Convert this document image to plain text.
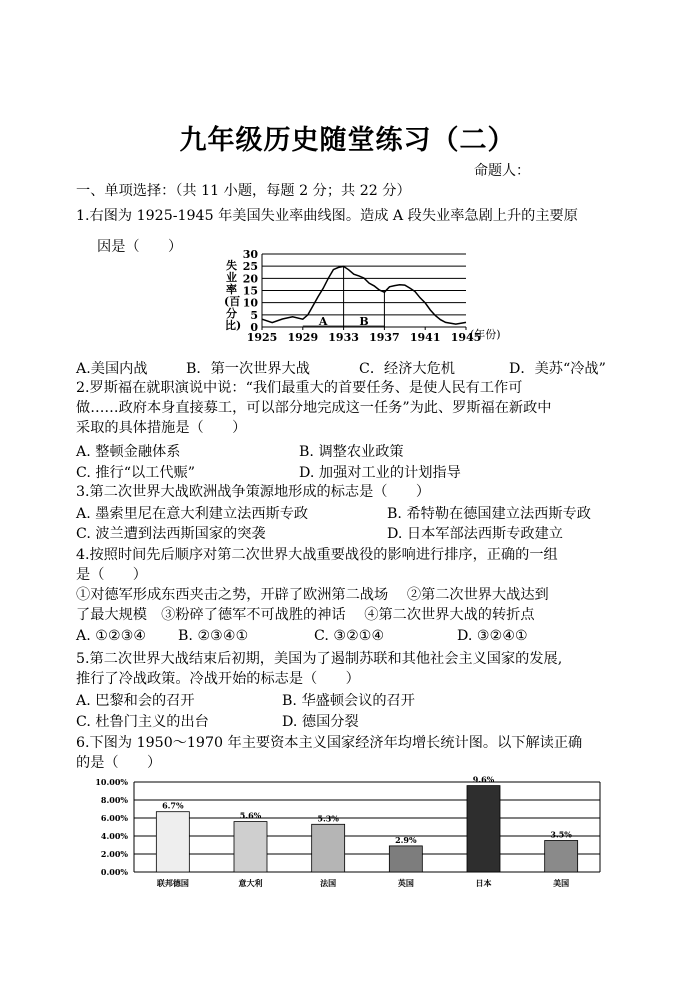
九年级历史随堂练习（二）
命题人：
一、单项选择：（共 11 小题，每题 2 分；共 22 分）
1.右图为 1925-1945 年美国失业率曲线图。造成 A 段失业率急剧上升的主要原
因是（　　）
失
业
率
(百
分
比) 0
5
10
15
20
25
30
1925 1929 1933 1937 1941 1945
A	B
(年份)
A.美国内战	B．第一次世界大战	C．经济大危机	D．美苏“冷战”
2.罗斯福在就职演说中说：“我们最重大的首要任务、是使人民有工作可
做……政府本身直接募工，可以部分地完成这一任务”为此、罗斯福在新政中
采取的具体措施是（　　）
A. 整顿金融体系	B. 调整农业政策
C. 推行“以工代赈”	D. 加强对工业的计划指导
3.第二次世界大战欧洲战争策源地形成的标志是（　　）
A. 墨索里尼在意大利建立法西斯专政	B. 希特勒在德国建立法西斯专政
C. 波兰遭到法西斯国家的突袭	D. 日本军部法西斯专政建立
4.按照时间先后顺序对第二次世界大战重要战役的影响进行排序，正确的一组
是（　　）
①对德军形成东西夹击之势，开辟了欧洲第二战场　 ②第二次世界大战达到
了最大规模　③粉碎了德军不可战胜的神话　 ④第二次世界大战的转折点
A. ①②③④ B. ②③④①	C. ③②①④	D. ③②④①
5.第二次世界大战结束后初期，美国为了遏制苏联和其他社会主义国家的发展,
推行了冷战政策。冷战开始的标志是（　　）
A. 巴黎和会的召开	B. 华盛顿会议的召开
C. 杜鲁门主义的出台	D. 德国分裂
6.下图为 1950～1970 年主要资本主义国家经济年均增长统计图。以下解读正确
的是（　　）
0.00%
2.00%
4.00%
6.00%
8.00%
10.00%
6.7%
5.6%	5.3%
2.9%
9.6%
3.5%
联邦德国	意大利	法国	英国	日本	美国
